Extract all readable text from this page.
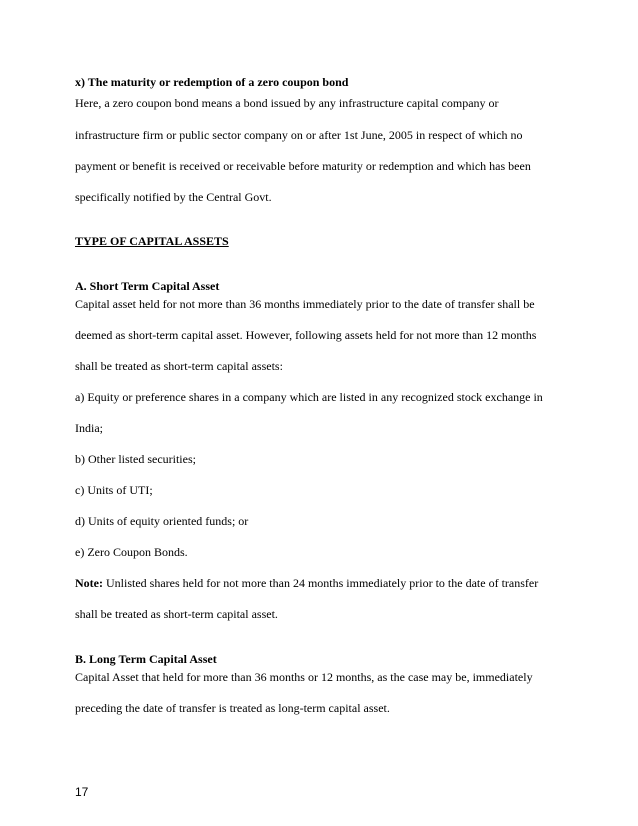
x) The maturity or redemption of a zero coupon bond
Here, a zero coupon bond means a bond issued by any infrastructure capital company or
infrastructure firm or public sector company on or after 1st June, 2005 in respect of which no
payment or benefit is received or receivable before maturity or redemption and which has been
specifically notified by the Central Govt.
TYPE OF CAPITAL ASSETS
A. Short Term Capital Asset
Capital asset held for not more than 36 months immediately prior to the date of transfer shall be
deemed as short-term capital asset. However, following assets held for not more than 12 months
shall be treated as short-term capital assets:
a) Equity or preference shares in a company which are listed in any recognized stock exchange in
India;
b) Other listed securities;
c) Units of UTI;
d) Units of equity oriented funds; or
e) Zero Coupon Bonds.
Note: Unlisted shares held for not more than 24 months immediately prior to the date of transfer
shall be treated as short-term capital asset.
B. Long Term Capital Asset
Capital Asset that held for more than 36 months or 12 months, as the case may be, immediately
preceding the date of transfer is treated as long-term capital asset.
17
